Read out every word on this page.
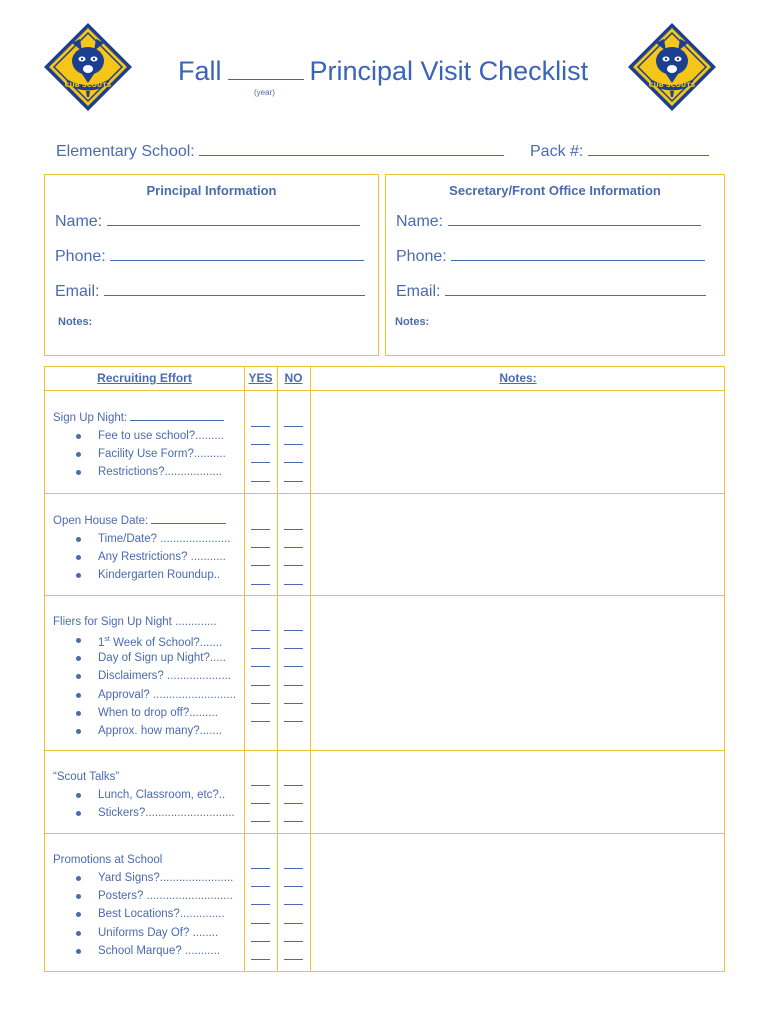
CUB SCOUTS	CUB SCOUTS
Fall	Principal Visit Checklist
(year)
Elementary School:	Pack #:
Principal Information
Name:
Phone:
Email:
Notes:
Secretary/Front Office Information
Name:
Phone:
Email:
Notes:
Recruiting Effort	YES	NO	Notes:
Sign Up Night:
Fee to use school?.........
Facility Use Form?..........
Restrictions?..................
Open House Date:
Time/Date? ......................
Any Restrictions? ...........
Kindergarten Roundup..
Fliers for Sign Up Night .............
1st Week of School?.......
Day of Sign up Night?.....
Disclaimers? ....................
Approval? ..........................
When to drop off?.........
Approx. how many?.......
“Scout Talks”
Lunch, Classroom, etc?..
Stickers?............................
Promotions at School
Yard Signs?.......................
Posters? ...........................
Best Locations?..............
Uniforms Day Of? ........
School Marque? ...........
